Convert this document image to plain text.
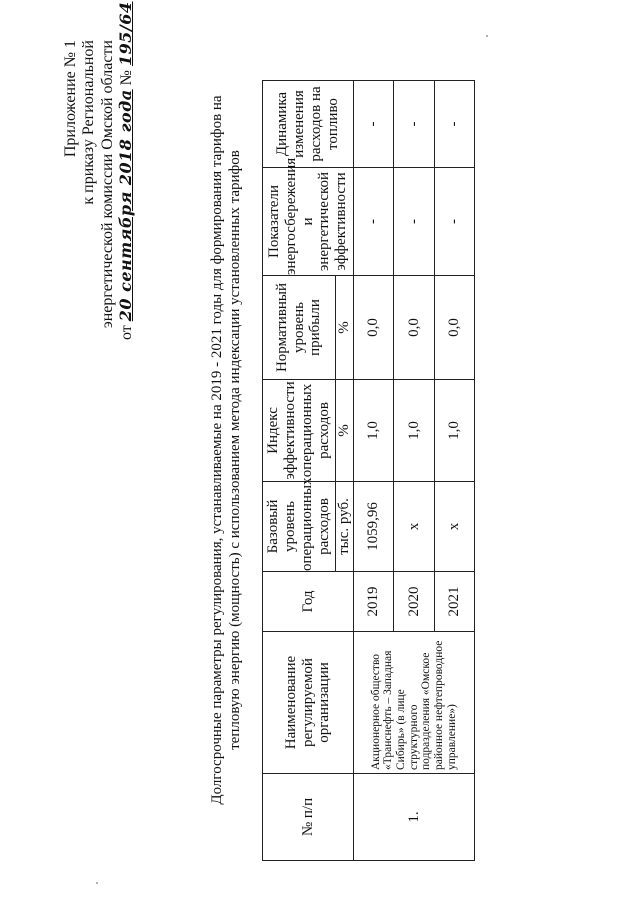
Приложение № 1 к приказу Региональной энергетической комиссии Омской области
от 20 сентября 2018 года № 195/64
Долгосрочные параметры регулирования, устанавливаемые на 2019 - 2021 годы для формирования тарифов на тепловую энергию (мощность) с использованием метода индексации установленных тарифов
№ п/п	Наименование регулируемой организации	Год	Базовый уровень операционных расходов	Индекс эффективности операционных расходов	Нормативный уровень прибыли	Показатели энергосбережения и энергетической эффективности	Динамика изменения расходов на топливо
			тыс. руб.	%	%		
1.	Акционерное общество «Транснефть – Западная Сибирь» (в лице структурного подразделения «Омское районное нефтепроводное управление»)	2019	1059,96	1,0	0,0	-	-
		2020	x	1,0	0,0	-	-
		2021	x	1,0	0,0	-	-
